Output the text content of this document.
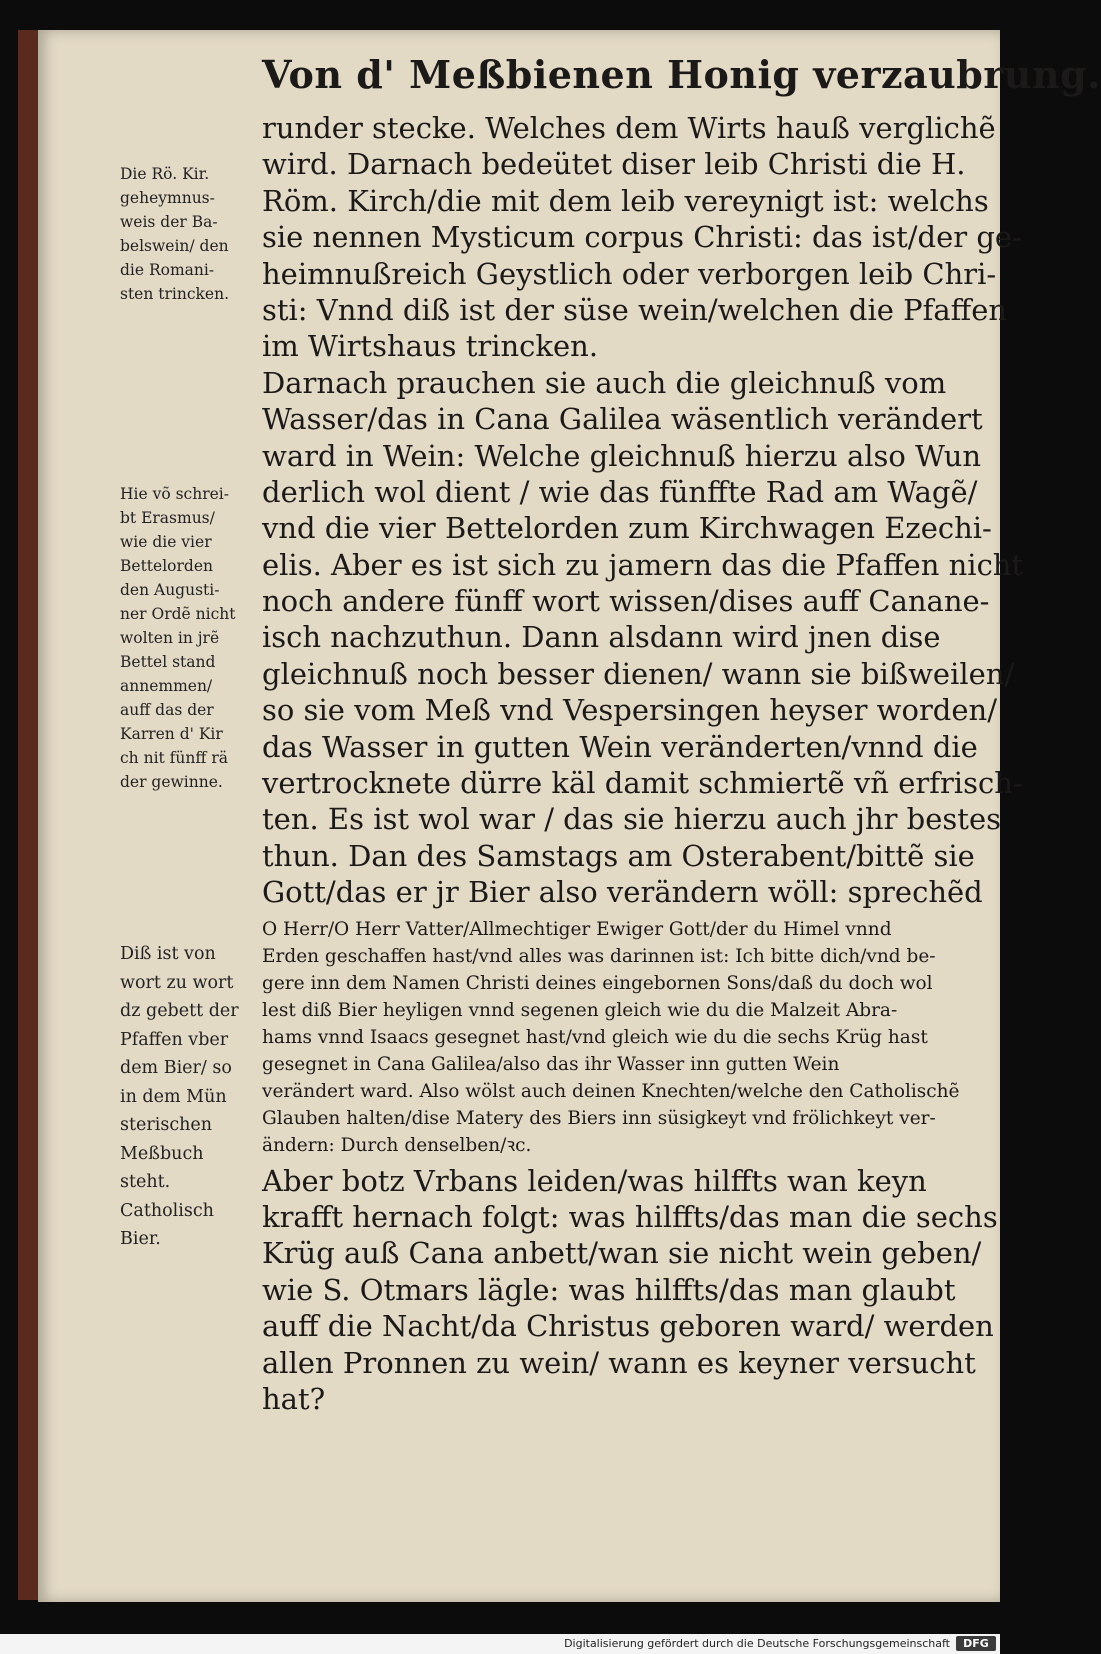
Von d' Meßbienen Honig verzaubrung.
runder stecke. Welches dem Wirts hauß verglichẽ
wird. Darnach bedeütet diser leib Christi die H.
Röm. Kirch/die mit dem leib vereynigt ist: welchs
sie nennen Mysticum corpus Christi: das ist/der ge-
heimnußreich Geystlich oder verborgen leib Chri-
sti: Vnnd diß ist der süse wein/welchen die Pfaffen
im Wirtshaus trincken.
Darnach prauchen sie auch die gleichnuß vom
Wasser/das in Cana Galilea wäsentlich verändert
ward in Wein: Welche gleichnuß hierzu also Wun
derlich wol dient / wie das fünffte Rad am Wagẽ/
vnd die vier Bettelorden zum Kirchwagen Ezechi-
elis. Aber es ist sich zu jamern das die Pfaffen nicht
noch andere fünff wort wissen/dises auff Canane-
isch nachzuthun. Dann alsdann wird jnen dise
gleichnuß noch besser dienen/ wann sie bißweilen/
so sie vom Meß vnd Vespersingen heyser worden/
das Wasser in gutten Wein veränderten/vnnd die
vertrocknete dürre käl damit schmiertẽ vñ erfrisch-
ten. Es ist wol war / das sie hierzu auch jhr bestes
thun. Dan des Samstags am Osterabent/bittẽ sie
Gott/das er jr Bier also verändern wöll: sprechẽd
O Herr/O Herr Vatter/Allmechtiger Ewiger Gott/der du Himel vnnd
Erden geschaffen hast/vnd alles was darinnen ist: Ich bitte dich/vnd be-
gere inn dem Namen Christi deines eingebornen Sons/daß du doch wol
lest diß Bier heyligen vnnd segenen gleich wie du die Malzeit Abra-
hams vnnd Isaacs gesegnet hast/vnd gleich wie du die sechs Krüg hast
gesegnet in Cana Galilea/also das ihr Wasser inn gutten Wein
verändert ward. Also wölst auch deinen Knechten/welche den Catholischẽ
Glauben halten/dise Matery des Biers inn süsigkeyt vnd frölichkeyt ver-
ändern: Durch denselben/ꝛc.
Aber botz Vrbans leiden/was hilffts wan keyn
krafft hernach folgt: was hilffts/das man die sechs
Krüg auß Cana anbett/wan sie nicht wein geben/
wie S. Otmars lägle: was hilffts/das man glaubt
auff die Nacht/da Christus geboren ward/ werden
allen Pronnen zu wein/ wann es keyner versucht
hat?
Die Rö. Kir.
geheymnus-
weis der Ba-
belswein/ den
die Romani-
sten trincken.
Hie võ schrei-
bt Erasmus/
wie die vier
Bettelorden
den Augusti-
ner Ordẽ nicht
wolten in jrẽ
Bettel stand
annemmen/
auff das der
Karren d' Kir
ch nit fünff rä
der gewinne.
Diß ist von
wort zu wort
dz gebett der
Pfaffen vber
dem Bier/ so
in dem Mün
sterischen
Meßbuch
steht.
Catholisch
Bier.
Digitalisierung gefördert durch die Deutsche Forschungsgemeinschaft	DFG
